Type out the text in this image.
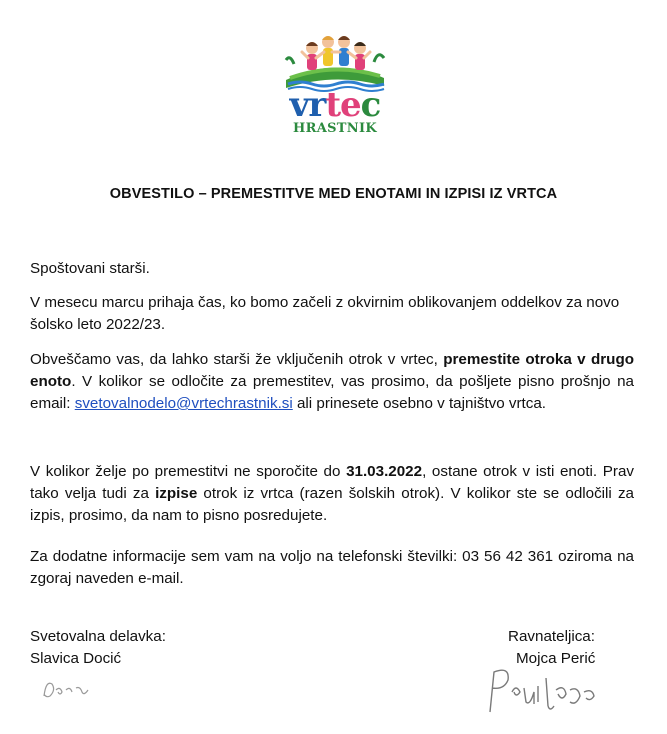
vrtec
HRASTNIK
OBVESTILO – PREMESTITVE MED ENOTAMI IN IZPISI IZ VRTCA

Spoštovani starši.

V mesecu marcu prihaja čas, ko bomo začeli z okvirnim oblikovanjem oddelkov za novo šolsko leto 2022/23.

Obveščamo vas, da lahko starši že vključenih otrok v vrtec, premestite otroka v drugo enoto. V kolikor se odločite za premestitev, vas prosimo, da pošljete pisno prošnjo na email: svetovalnodelo@vrtechrastnik.si ali prinesete osebno v tajništvo vrtca.

V kolikor želje po premestitvi ne sporočite do 31.03.2022, ostane otrok v isti enoti. Prav tako velja tudi za izpise otrok iz vrtca (razen šolskih otrok). V kolikor ste se odločili za izpis, prosimo, da nam to pisno posredujete.

Za dodatne informacije sem vam na voljo na telefonski številki: 03 56 42 361 oziroma na zgoraj naveden e-mail.

Svetovalna delavka:
Slavica Docić
Ravnateljica:
Mojca Perić
